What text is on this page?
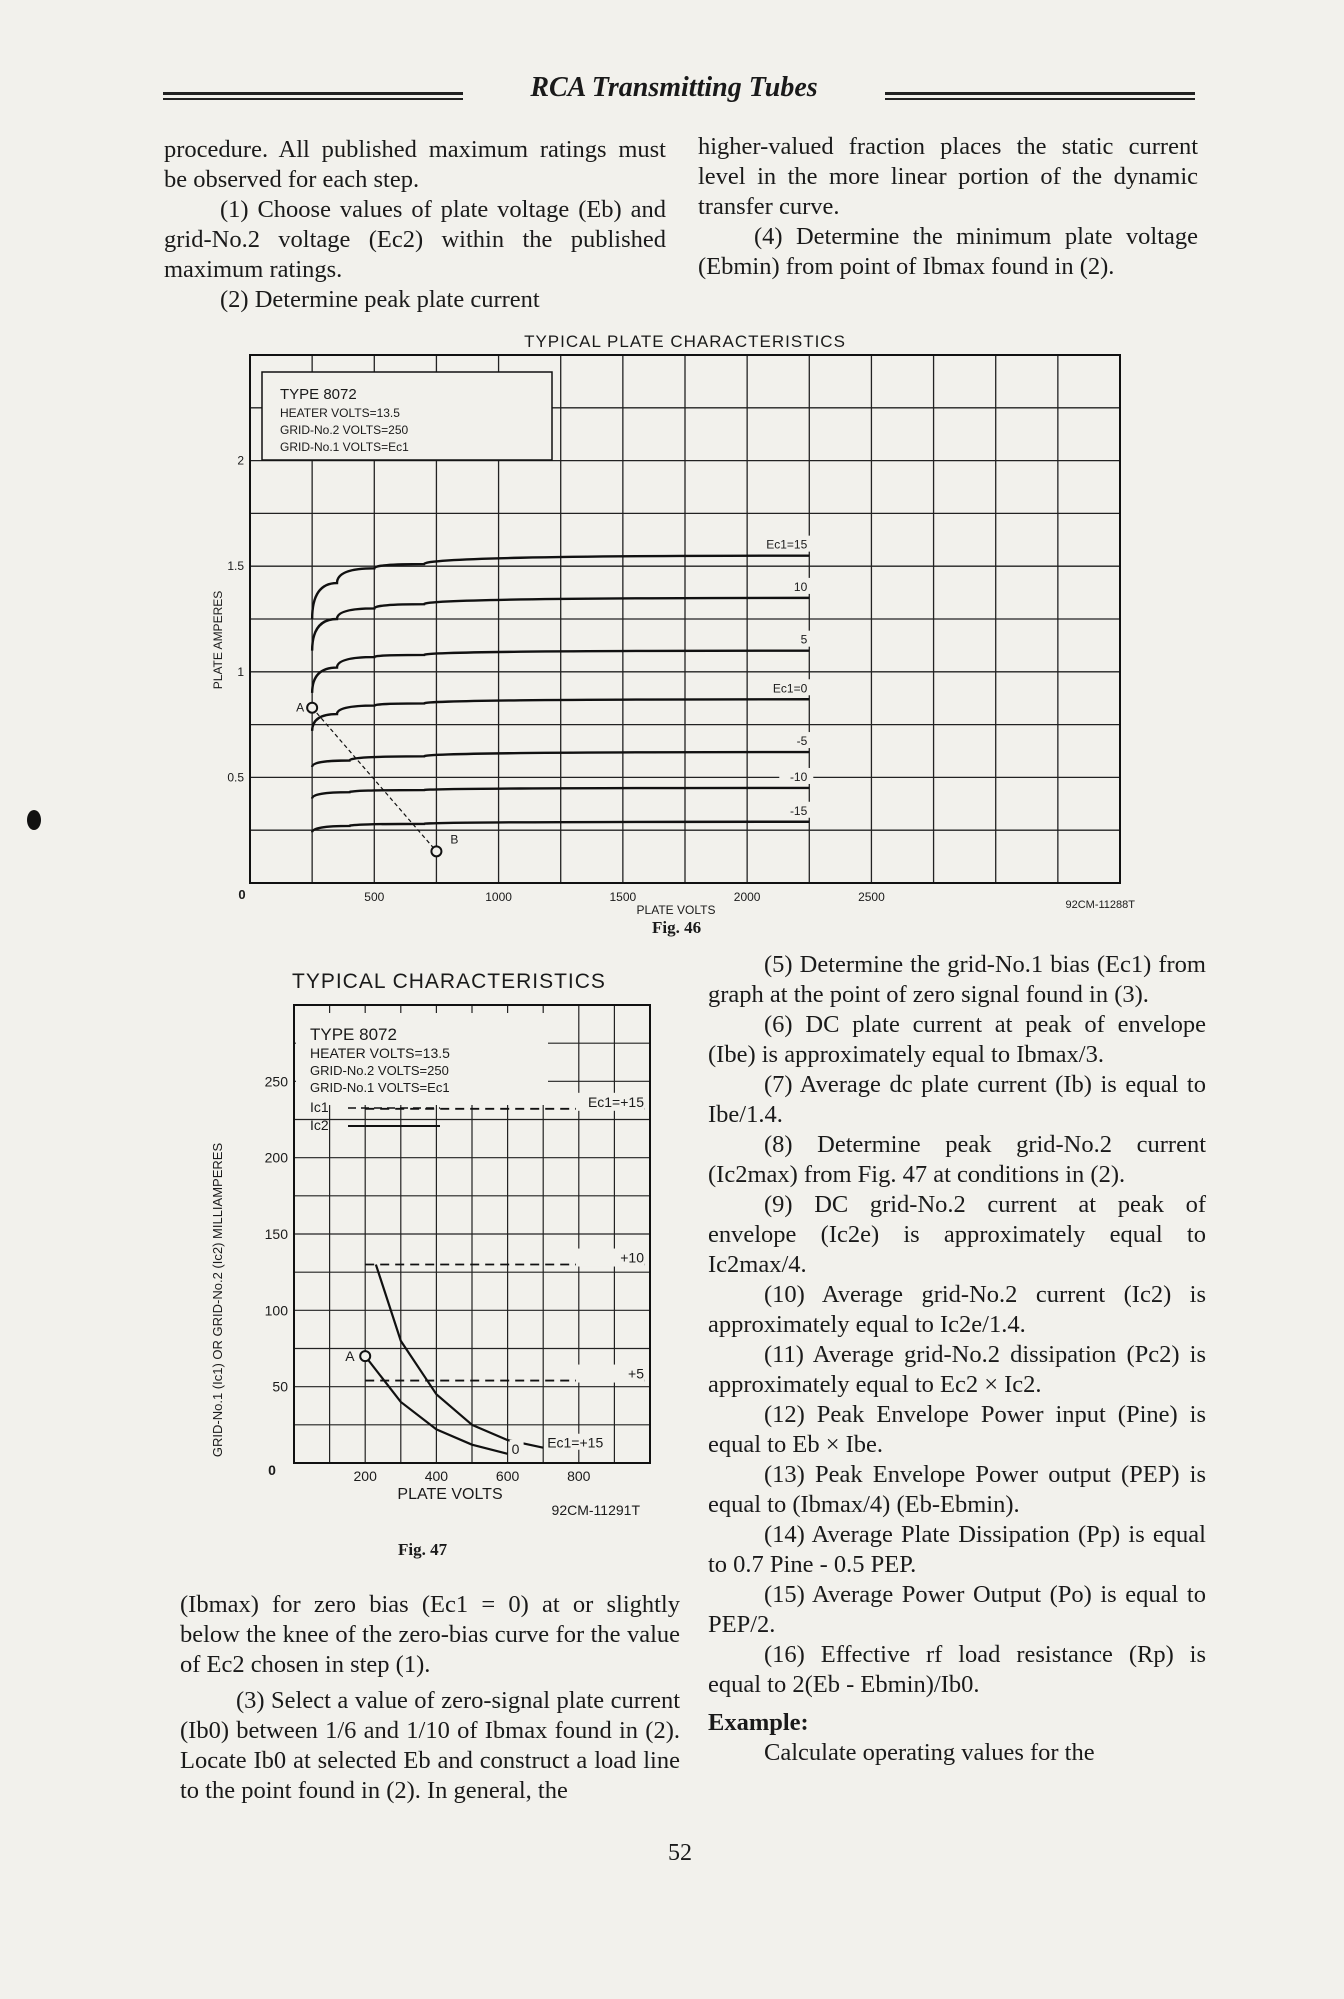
RCA Transmitting Tubes

procedure. All published maximum ratings must be observed for each step.

(1) Choose values of plate voltage (Eb) and grid-No.2 voltage (Ec2) within the published maximum ratings.

(2) Determine peak plate current

higher-valued fraction places the static current level in the more linear portion of the dynamic transfer curve.

(4) Determine the minimum plate voltage (Ebmin) from point of Ibmax found in (2).

TYPICAL PLATE CHARACTERISTICS
TYPE 8072
HEATER VOLTS=13.5
GRID-No.2 VOLTS=250
GRID-No.1 VOLTS=Ec1
Ec1=15
10
5
Ec1=0
-5
-10
-15
A
B
0	500	1000	1500	2000	2500
0.5
1
1.5
2
PLATE AMPERES
PLATE VOLTS	92CM-11288T
Fig. 46
TYPICAL CHARACTERISTICS
TYPE 8072
HEATER VOLTS=13.5
GRID-No.2 VOLTS=250
GRID-No.1 VOLTS=Ec1
Ic1
Ic2
Ec1=+15
+10
+5
Ec1=+15
0
A
0	200	400	600	800
50
100
150
200
250
GRID-No.1 (Ic1) OR GRID-No.2 (Ic2) MILLIAMPERES
PLATE VOLTS
92CM-11291T
Fig. 47

(5) Determine the grid-No.1 bias (Ec1) from graph at the point of zero signal found in (3).

(6) DC plate current at peak of envelope (Ibe) is approximately equal to Ibmax/3.

(7) Average dc plate current (Ib) is equal to Ibe/1.4.

(8) Determine peak grid-No.2 current (Ic2max) from Fig. 47 at conditions in (2).

(9) DC grid-No.2 current at peak of envelope (Ic2e) is approximately equal to Ic2max/4.

(10) Average grid-No.2 current (Ic2) is approximately equal to Ic2e/1.4.

(11) Average grid-No.2 dissipation (Pc2) is approximately equal to Ec2 × Ic2.

(12) Peak Envelope Power input (Pine) is equal to Eb × Ibe.

(13) Peak Envelope Power output (PEP) is equal to (Ibmax/4) (Eb-Ebmin).

(14) Average Plate Dissipation (Pp) is equal to 0.7 Pine - 0.5 PEP.

(15) Average Power Output (Po) is equal to PEP/2.

(16) Effective rf load resistance (Rp) is equal to 2(Eb - Ebmin)/Ib0.

Example:

Calculate operating values for the

(Ibmax) for zero bias (Ec1 = 0) at or slightly below the knee of the zero-bias curve for the value of Ec2 chosen in step (1).

(3) Select a value of zero-signal plate current (Ib0) between 1/6 and 1/10 of Ibmax found in (2). Locate Ib0 at selected Eb and construct a load line to the point found in (2). In general, the

52
